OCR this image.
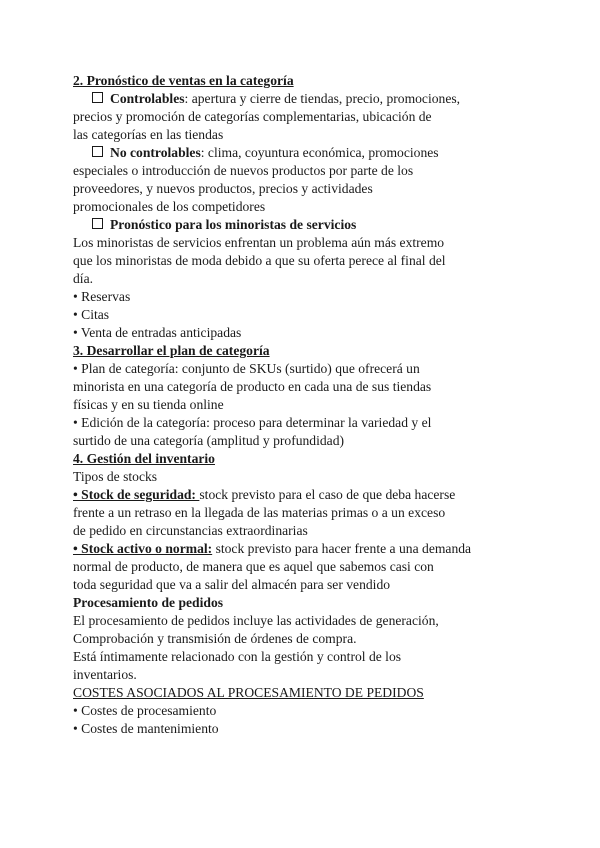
2. Pronóstico de ventas en la categoría
Controlables: apertura y cierre de tiendas, precio, promociones,
precios y promoción de categorías complementarias, ubicación de
las categorías en las tiendas
No controlables: clima, coyuntura económica, promociones
especiales o introducción de nuevos productos por parte de los
proveedores, y nuevos productos, precios y actividades
promocionales de los competidores
Pronóstico para los minoristas de servicios
Los minoristas de servicios enfrentan un problema aún más extremo
que los minoristas de moda debido a que su oferta perece al final del
día.
• Reservas
• Citas
• Venta de entradas anticipadas
3. Desarrollar el plan de categoría
• Plan de categoría: conjunto de SKUs (surtido) que ofrecerá un
minorista en una categoría de producto en cada una de sus tiendas
físicas y en su tienda online
• Edición de la categoría: proceso para determinar la variedad y el
surtido de una categoría (amplitud y profundidad)
4. Gestión del inventario
Tipos de stocks
• Stock de seguridad: stock previsto para el caso de que deba hacerse
frente a un retraso en la llegada de las materias primas o a un exceso
de pedido en circunstancias extraordinarias
• Stock activo o normal: stock previsto para hacer frente a una demanda
normal de producto, de manera que es aquel que sabemos casi con
toda seguridad que va a salir del almacén para ser vendido
Procesamiento de pedidos
El procesamiento de pedidos incluye las actividades de generación,
Comprobación y transmisión de órdenes de compra.
Está íntimamente relacionado con la gestión y control de los
inventarios.
COSTES ASOCIADOS AL PROCESAMIENTO DE PEDIDOS
• Costes de procesamiento
• Costes de mantenimiento
